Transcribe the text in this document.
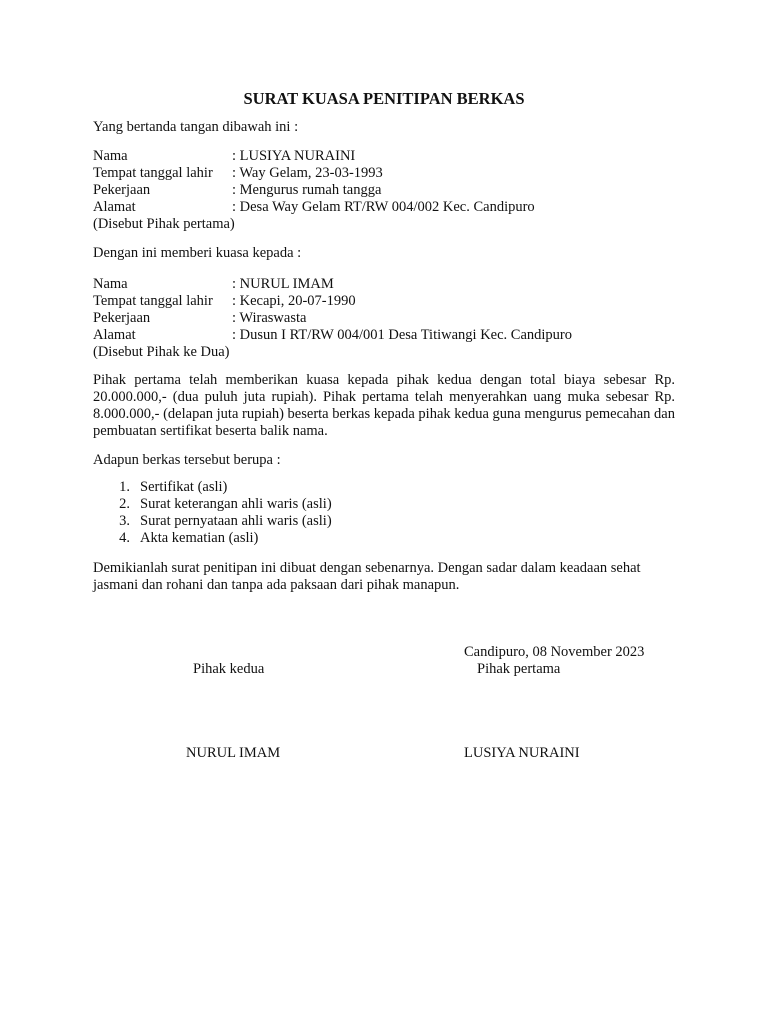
SURAT KUASA PENITIPAN BERKAS

Yang bertanda tangan dibawah ini :

Nama	: LUSIYA NURAINI
Tempat tanggal lahir	: Way Gelam, 23-03-1993
Pekerjaan	: Mengurus rumah tangga
Alamat	: Desa Way Gelam RT/RW 004/002 Kec. Candipuro
(Disebut Pihak pertama)

Dengan ini memberi kuasa kepada :

Nama	: NURUL IMAM
Tempat tanggal lahir	: Kecapi, 20-07-1990
Pekerjaan	: Wiraswasta
Alamat	: Dusun I RT/RW 004/001 Desa Titiwangi Kec. Candipuro
(Disebut Pihak ke Dua)

Pihak pertama telah memberikan kuasa kepada pihak kedua dengan total biaya sebesar Rp. 20.000.000,- (dua puluh juta rupiah). Pihak pertama telah menyerahkan uang muka sebesar Rp. 8.000.000,- (delapan juta rupiah) beserta berkas kepada pihak kedua guna mengurus pemecahan dan pembuatan sertifikat beserta balik nama.

Adapun berkas tersebut berupa :

1. Sertifikat (asli)
2. Surat keterangan ahli waris (asli)
3. Surat pernyataan ahli waris (asli)
4. Akta kematian (asli)

Demikianlah surat penitipan ini dibuat dengan sebenarnya. Dengan sadar dalam keadaan sehat jasmani dan rohani dan tanpa ada paksaan dari pihak manapun.

Candipuro, 08 November 2023
Pihak kedua	Pihak pertama
NURUL IMAM	LUSIYA NURAINI
